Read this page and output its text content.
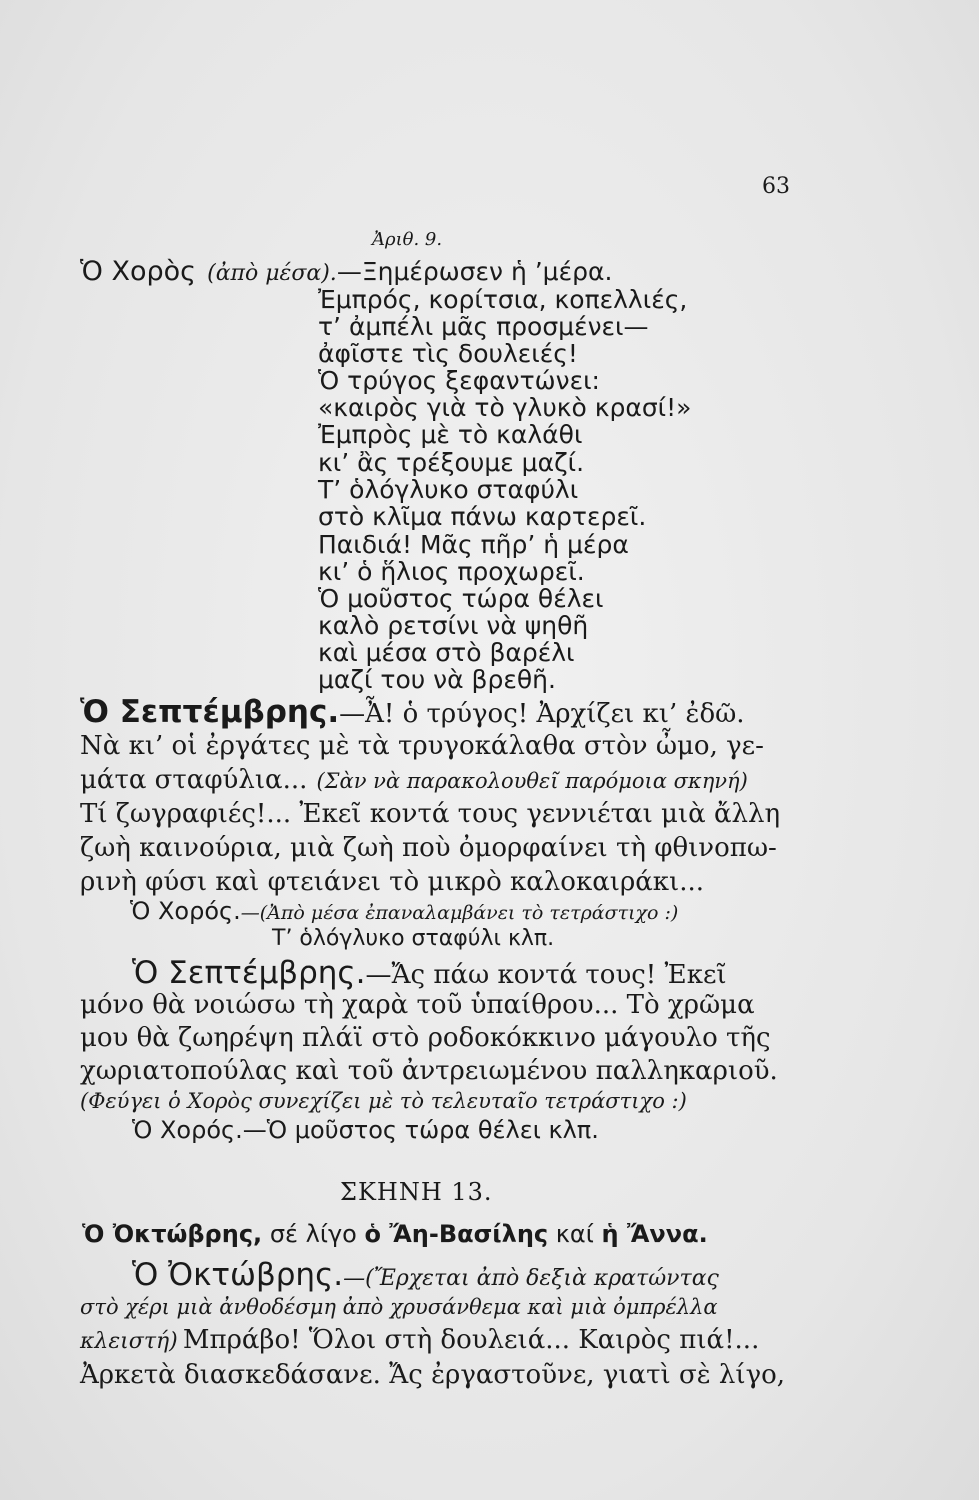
63
Ἀριθ. 9.
Ὁ Χορὸς (ἀπὸ μέσα).—Ξημέρωσεν ἡ ’μέρα.
Ἐμπρός, κορίτσια, κοπελλιές,
τ’ ἀμπέλι μᾶς προσμένει—
ἀφῖστε τὶς δουλειές!
Ὁ τρύγος ξεφαντώνει:
«καιρὸς γιὰ τὸ γλυκὸ κρασί!»
Ἐμπρὸς μὲ τὸ καλάθι
κι’ ἂς τρέξουμε μαζί.
Τ’ ὁλόγλυκο σταφύλι
στὸ κλῖμα πάνω καρτερεῖ.
Παιδιά! Μᾶς πῆρ’ ἡ μέρα
κι’ ὁ ἥλιος προχωρεῖ.
Ὁ μοῦστος τώρα θέλει
καλὸ ρετσίνι νὰ ψηθῆ
καὶ μέσα στὸ βαρέλι
μαζί του νὰ βρεθῆ.
Ὁ Σεπτέμβρης.—Ἆ! ὁ τρύγος! Ἀρχίζει κι’ ἐδῶ.
Νὰ κι’ οἱ ἐργάτες μὲ τὰ τρυγοκάλαθα στὸν ὦμο, γε-
μάτα σταφύλια... (Σὰν νὰ παρακολουθεῖ παρόμοια σκηνή)
Τί ζωγραφιές!... Ἐκεῖ κοντά τους γεννιέται μιὰ ἄλλη
ζωὴ καινούρια, μιὰ ζωὴ ποὺ ὀμορφαίνει τὴ φθινοπω-
ρινὴ φύσι καὶ φτειάνει τὸ μικρὸ καλοκαιράκι...
Ὁ Χορός.—(Ἀπὸ μέσα ἐπαναλαμβάνει τὸ τετράστιχο :)
Τ’ ὁλόγλυκο σταφύλι κλπ.
Ὁ Σεπτέμβρης.—Ἄς πάω κοντά τους! Ἐκεῖ
μόνο θὰ νοιώσω τὴ χαρὰ τοῦ ὑπαίθρου... Τὸ χρῶμα
μου θὰ ζωηρέψη πλάϊ στὸ ροδοκόκκινο μάγουλο τῆς
χωριατοπούλας καὶ τοῦ ἀντρειωμένου παλληκαριοῦ.
(Φεύγει ὁ Χορὸς συνεχίζει μὲ τὸ τελευταῖο τετράστιχο :)
Ὁ Χορός.—Ὁ μοῦστος τώρα θέλει κλπ.
ΣΚΗΝΗ 13.
Ὁ Ὀκτώβρης, σέ λίγο ὁ Ἄη-Βασίλης καί ἡ Ἄννα.
Ὁ Ὀκτώβρης.—(Ἔρχεται ἀπὸ δεξιὰ κρατώντας
στὸ χέρι μιὰ ἀνθοδέσμη ἀπὸ χρυσάνθεμα καὶ μιὰ ὀμπρέλλα
κλειστή) Μπράβο! Ὅλοι στὴ δουλειά... Καιρὸς πιά!...
Ἀρκετὰ διασκεδάσανε. Ἄς ἐργαστοῦνε, γιατὶ σὲ λίγο,
